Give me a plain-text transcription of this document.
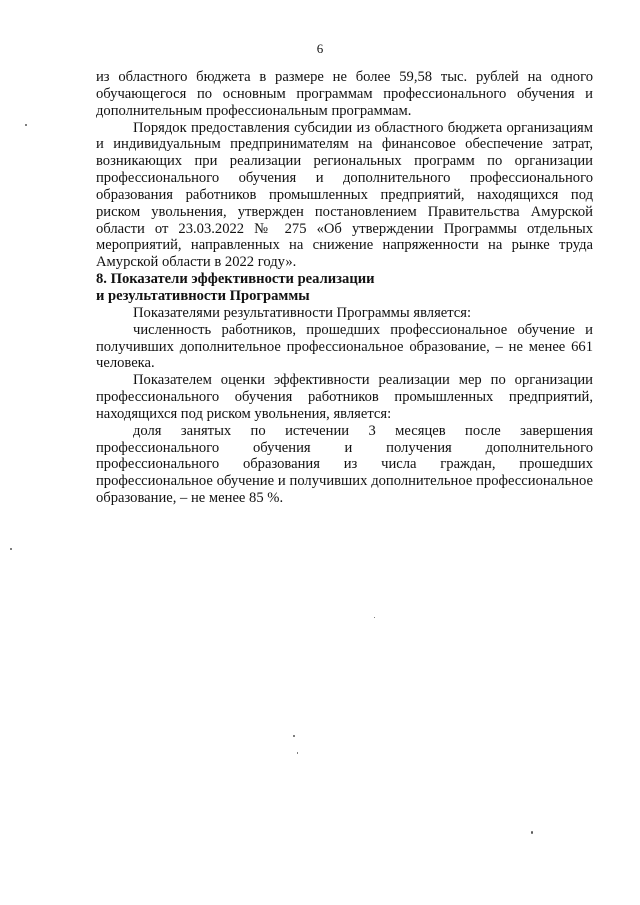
6

из областного бюджета в размере не более 59,58 тыс. рублей на одного обучающегося по основным программам профессионального обучения и дополнительным профессиональным программам.

Порядок предоставления субсидии из областного бюджета организациям и индивидуальным предпринимателям на финансовое обеспечение затрат, возникающих при реализации региональных программ по организации профессионального обучения и дополнительного профессионального образования работников промышленных предприятий, находящихся под риском увольнения, утвержден постановлением Правительства Амурской области от 23.03.2022 № 275 «Об утверждении Программы отдельных мероприятий, направленных на снижение напряженности на рынке труда Амурской области в 2022 году».

8. Показатели эффективности реализации
и результативности Программы

Показателями результативности Программы является:

численность работников, прошедших профессиональное обучение и получивших дополнительное профессиональное образование, – не менее 661 человека.

Показателем оценки эффективности реализации мер по организации профессионального обучения работников промышленных предприятий, находящихся под риском увольнения, является:

доля занятых по истечении 3 месяцев после завершения профессионального обучения и получения дополнительного профессионального образования из числа граждан, прошедших профессиональное обучение и получивших дополнительное профессиональное образование, – не менее 85 %.
